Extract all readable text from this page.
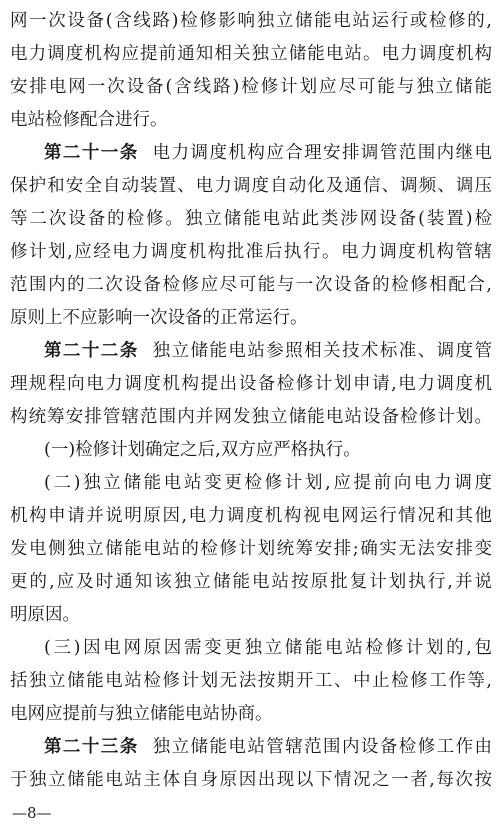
网一次设备(含线路)检修影响独立储能电站运行或检修的,

电力调度机构应提前通知相关独立储能电站。电力调度机构

安排电网一次设备(含线路)检修计划应尽可能与独立储能

电站检修配合进行。

第二十一条 电力调度机构应合理安排调管范围内继电

保护和安全自动装置、电力调度自动化及通信、调频、调压

等二次设备的检修。独立储能电站此类涉网设备(装置)检

修计划,应经电力调度机构批准后执行。电力调度机构管辖

范围内的二次设备检修应尽可能与一次设备的检修相配合,

原则上不应影响一次设备的正常运行。

第二十二条 独立储能电站参照相关技术标准、调度管

理规程向电力调度机构提出设备检修计划申请,电力调度机

构统筹安排管辖范围内并网发独立储能电站设备检修计划。

(一)检修计划确定之后,双方应严格执行。

(二)独立储能电站变更检修计划,应提前向电力调度

机构申请并说明原因,电力调度机构视电网运行情况和其他

发电侧独立储能电站的检修计划统筹安排;确实无法安排变

更的,应及时通知该独立储能电站按原批复计划执行,并说

明原因。

(三)因电网原因需变更独立储能电站检修计划的,包

括独立储能电站检修计划无法按期开工、中止检修工作等,

电网应提前与独立储能电站协商。

第二十三条 独立储能电站管辖范围内设备检修工作由

于独立储能电站主体自身原因出现以下情况之一者,每次按

—8—
